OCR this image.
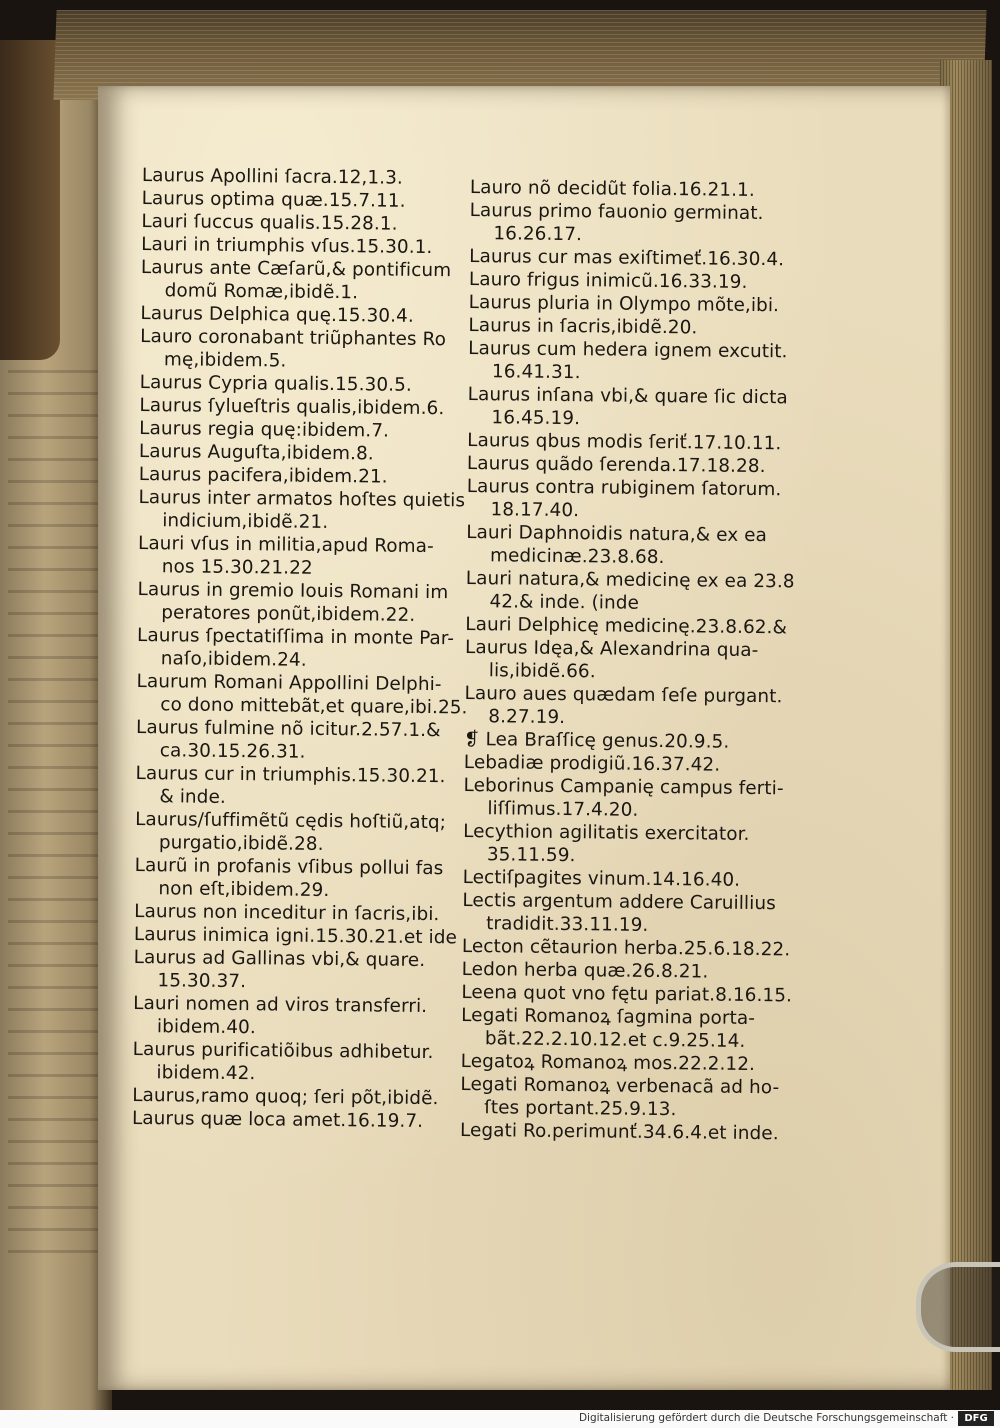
Laurus Apollini ſacra.12,1.3.
Laurus optima quæ.15.7.11.
Lauri ſuccus qualis.15.28.1.
Lauri in triumphis vſus.15.30.1.
Laurus ante Cæſarũ,& pontificum
domũ Romæ,ibidẽ.1.
Laurus Delphica quę.15.30.4.
Lauro coronabant triũphantes Ro
mę,ibidem.5.
Laurus Cypria qualis.15.30.5.
Laurus ſylueſtris qualis,ibidem.6.
Laurus regia quę:ibidem.7.
Laurus Auguſta,ibidem.8.
Laurus pacifera,ibidem.21.
Laurus inter armatos hoſtes quietis
indicium,ibidẽ.21.
Lauri vſus in militia,apud Roma-
nos 15.30.21.22
Laurus in gremio Iouis Romani im
peratores ponũt,ibidem.22.
Laurus ſpectatiſſima in monte Par-
naſo,ibidem.24.
Laurum Romani Appollini Delphi-
co dono mittebãt,et quare,ibi.25.
Laurus fulmine nõ icitur.2.57.1.&
ca.30.15.26.31.
Laurus cur in triumphis.15.30.21.
& inde.
Laurus/ſuffimẽtũ cędis hoſtiũ,atq;
purgatio,ibidẽ.28.
Laurũ in profanis vſibus pollui fas
non eſt,ibidem.29.
Laurus non inceditur in ſacris,ibi.
Laurus inimica igni.15.30.21.et ide
Laurus ad Gallinas vbi,& quare.
15.30.37.
Lauri nomen ad viros transferri.
ibidem.40.
Laurus purificatiõibus adhibetur.
ibidem.42.
Laurus,ramo quoq; ſeri põt,ibidẽ.
Laurus quæ loca amet.16.19.7.
Lauro nõ decidũt folia.16.21.1.
Laurus primo fauonio germinat.
16.26.17.
Laurus cur mas exiſtimeť.16.30.4.
Lauro frigus inimicũ.16.33.19.
Laurus pluria in Olympo mõte,ibi.
Laurus in ſacris,ibidẽ.20.
Laurus cum hedera ignem excutit.
16.41.31.
Laurus inſana vbi,& quare ſic dicta
16.45.19.
Laurus qbus modis ſeriť.17.10.11.
Laurus quãdo ſerenda.17.18.28.
Laurus contra rubiginem ſatorum.
18.17.40.
Lauri Daphnoidis natura,& ex ea
medicinæ.23.8.68.
Lauri natura,& medicinę ex ea 23.8
42.& inde. (inde
Lauri Delphicę medicinę.23.8.62.&
Laurus Idęa,& Alexandrina qua-
lis,ibidẽ.66.
Lauro aues quædam ſeſe purgant.
8.27.19.
❡ Lea Braſſicę genus.20.9.5.
Lebadiæ prodigiũ.16.37.42.
Leborinus Campanię campus ferti-
liſſimus.17.4.20.
Lecythion agilitatis exercitator.
35.11.59.
Lectiſpagites vinum.14.16.40.
Lectis argentum addere Caruillius
tradidit.33.11.19.
Lecton cẽtaurion herba.25.6.18.22.
Ledon herba quæ.26.8.21.
Leena quot vno fętu pariat.8.16.15.
Legati Romanoꝝ ſagmina porta-
bãt.22.2.10.12.et c.9.25.14.
Legatoꝝ Romanoꝝ mos.22.2.12.
Legati Romanoꝝ verbenacã ad ho-
ſtes portant.25.9.13.
Legati Ro.perimunť.34.6.4.et inde.
Digitalisierung gefördert durch die Deutsche Forschungsgemeinschaft ·	DFG
